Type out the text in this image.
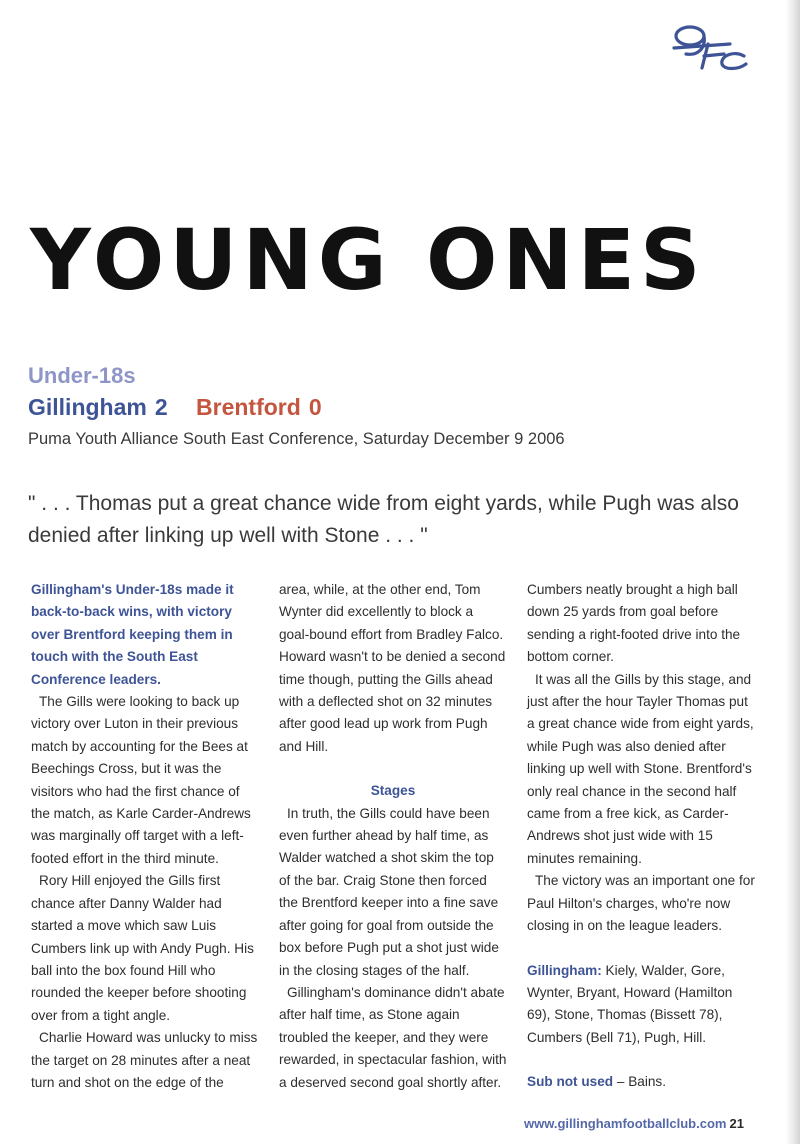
YOUNG ONES
Under-18s
Gillingham 2 Brentford 0

Puma Youth Alliance South East Conference, Saturday December 9 2006

" . . . Thomas put a great chance wide from eight yards, while Pugh was also denied after linking up well with Stone . . . "

Gillingham's Under-18s made it back-to-back wins, with victory over Brentford keeping them in touch with the South East Conference leaders.

The Gills were looking to back up victory over Luton in their previous match by accounting for the Bees at Beechings Cross, but it was the visitors who had the first chance of the match, as Karle Carder-Andrews was marginally off target with a left-footed effort in the third minute.

Rory Hill enjoyed the Gills first chance after Danny Walder had started a move which saw Luis Cumbers link up with Andy Pugh. His ball into the box found Hill who rounded the keeper before shooting over from a tight angle.

Charlie Howard was unlucky to miss the target on 28 minutes after a neat turn and shot on the edge of the

area, while, at the other end, Tom Wynter did excellently to block a goal-bound effort from Bradley Falco. Howard wasn't to be denied a second time though, putting the Gills ahead with a deflected shot on 32 minutes after good lead up work from Pugh and Hill.

Stages

In truth, the Gills could have been even further ahead by half time, as Walder watched a shot skim the top of the bar. Craig Stone then forced the Brentford keeper into a fine save after going for goal from outside the box before Pugh put a shot just wide in the closing stages of the half.

Gillingham's dominance didn't abate after half time, as Stone again troubled the keeper, and they were rewarded, in spectacular fashion, with a deserved second goal shortly after.

Cumbers neatly brought a high ball down 25 yards from goal before sending a right-footed drive into the bottom corner.

It was all the Gills by this stage, and just after the hour Tayler Thomas put a great chance wide from eight yards, while Pugh was also denied after linking up well with Stone. Brentford's only real chance in the second half came from a free kick, as Carder-Andrews shot just wide with 15 minutes remaining.

The victory was an important one for Paul Hilton's charges, who're now closing in on the league leaders.

Gillingham: Kiely, Walder, Gore, Wynter, Bryant, Howard (Hamilton 69), Stone, Thomas (Bissett 78), Cumbers (Bell 71), Pugh, Hill.

Sub not used – Bains.

www.gillinghamfootballclub.com 21
